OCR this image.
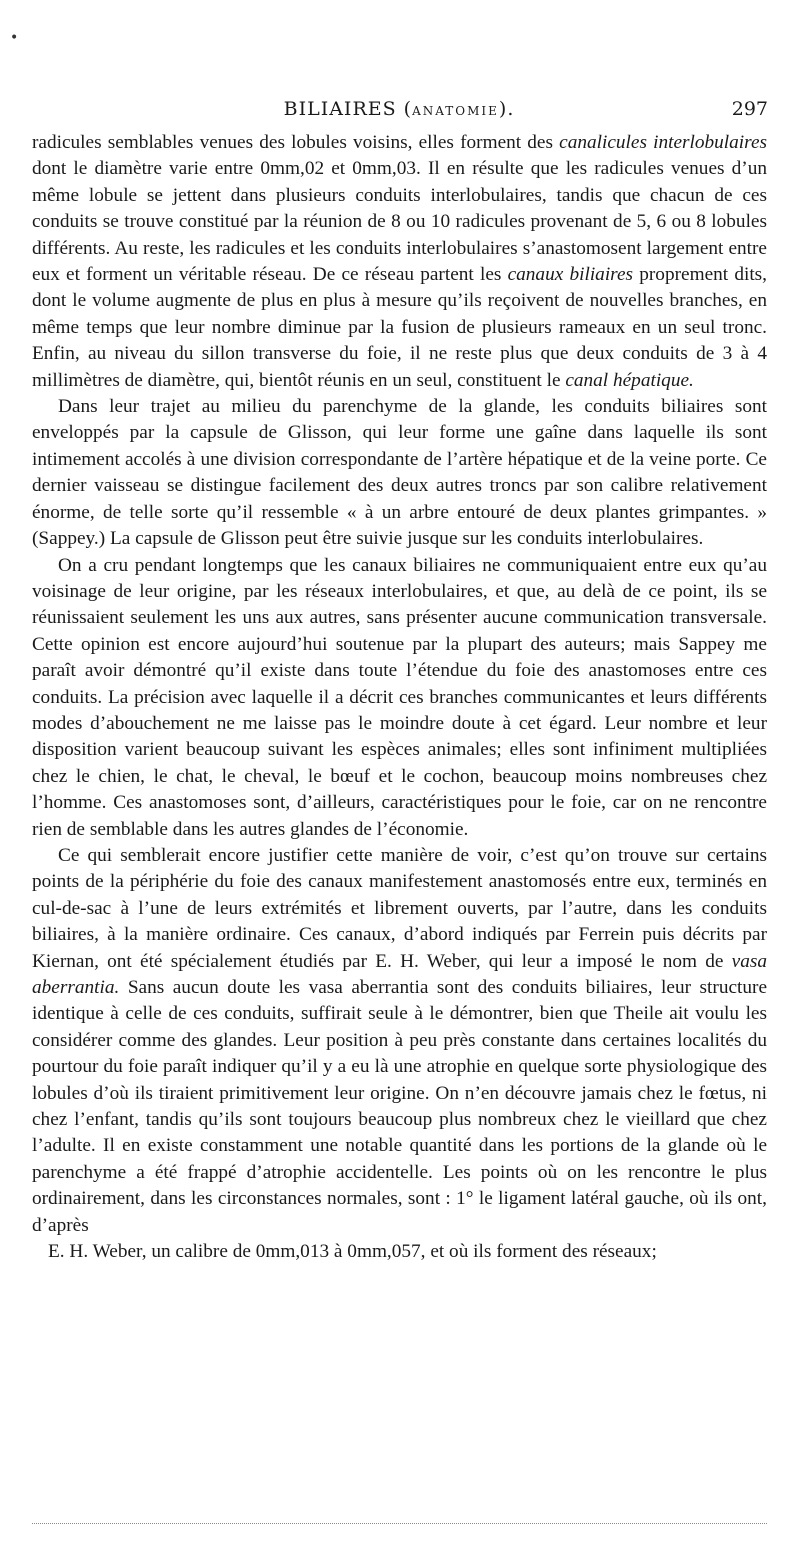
•
BILIAIRES (ANATOMIE).	297

radicules semblables venues des lobules voisins, elles forment des canalicules interlobulaires dont le diamètre varie entre 0mm,02 et 0mm,03. Il en résulte que les radicules venues d’un même lobule se jettent dans plusieurs conduits interlobulaires, tandis que chacun de ces conduits se trouve constitué par la réunion de 8 ou 10 radicules provenant de 5, 6 ou 8 lobules différents. Au reste, les radicules et les conduits interlobulaires s’anastomosent largement entre eux et forment un véritable réseau. De ce réseau partent les canaux biliaires proprement dits, dont le volume augmente de plus en plus à mesure qu’ils reçoivent de nouvelles branches, en même temps que leur nombre diminue par la fusion de plusieurs rameaux en un seul tronc. Enfin, au niveau du sillon transverse du foie, il ne reste plus que deux conduits de 3 à 4 millimètres de diamètre, qui, bientôt réunis en un seul, constituent le canal hépatique.

Dans leur trajet au milieu du parenchyme de la glande, les conduits biliaires sont enveloppés par la capsule de Glisson, qui leur forme une gaîne dans laquelle ils sont intimement accolés à une division correspondante de l’artère hépatique et de la veine porte. Ce dernier vaisseau se distingue facilement des deux autres troncs par son calibre relativement énorme, de telle sorte qu’il ressemble « à un arbre entouré de deux plantes grimpantes. » (Sappey.) La capsule de Glisson peut être suivie jusque sur les conduits interlobulaires.

On a cru pendant longtemps que les canaux biliaires ne communiquaient entre eux qu’au voisinage de leur origine, par les réseaux interlobulaires, et que, au delà de ce point, ils se réunissaient seulement les uns aux autres, sans présenter aucune communication transversale. Cette opinion est encore aujourd’hui soutenue par la plupart des auteurs; mais Sappey me paraît avoir démontré qu’il existe dans toute l’étendue du foie des anastomoses entre ces conduits. La précision avec laquelle il a décrit ces branches communicantes et leurs différents modes d’abouchement ne me laisse pas le moindre doute à cet égard. Leur nombre et leur disposition varient beaucoup suivant les espèces animales; elles sont infiniment multipliées chez le chien, le chat, le cheval, le bœuf et le cochon, beaucoup moins nombreuses chez l’homme. Ces anastomoses sont, d’ailleurs, caractéristiques pour le foie, car on ne rencontre rien de semblable dans les autres glandes de l’économie.

Ce qui semblerait encore justifier cette manière de voir, c’est qu’on trouve sur certains points de la périphérie du foie des canaux manifestement anastomosés entre eux, terminés en cul-de-sac à l’une de leurs extrémités et librement ouverts, par l’autre, dans les conduits biliaires, à la manière ordinaire. Ces canaux, d’abord indiqués par Ferrein puis décrits par Kiernan, ont été spécialement étudiés par E. H. Weber, qui leur a imposé le nom de vasa aberrantia. Sans aucun doute les vasa aberrantia sont des conduits biliaires, leur structure identique à celle de ces conduits, suffirait seule à le démontrer, bien que Theile ait voulu les considérer comme des glandes. Leur position à peu près constante dans certaines localités du pourtour du foie paraît indiquer qu’il y a eu là une atrophie en quelque sorte physiologique des lobules d’où ils tiraient primitivement leur origine. On n’en découvre jamais chez le fœtus, ni chez l’enfant, tandis qu’ils sont toujours beaucoup plus nombreux chez le vieillard que chez l’adulte. Il en existe constamment une notable quantité dans les portions de la glande où le parenchyme a été frappé d’atrophie accidentelle. Les points où on les rencontre le plus ordinairement, dans les circonstances normales, sont : 1° le ligament latéral gauche, où ils ont, d’après

E. H. Weber, un calibre de 0mm,013 à 0mm,057, et où ils forment des réseaux;
